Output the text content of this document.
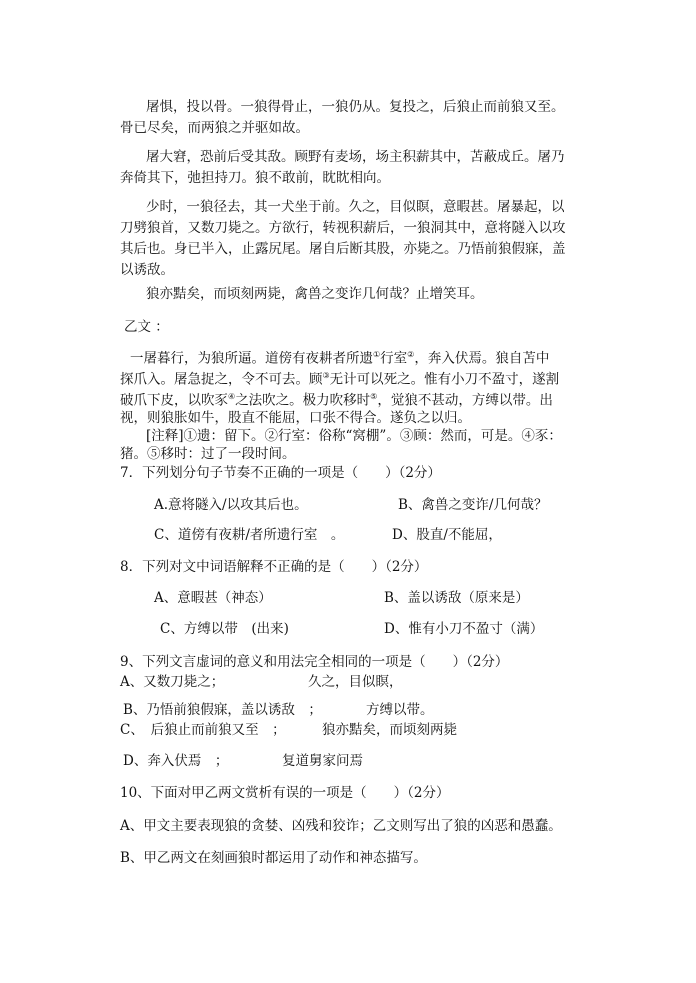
屠惧，投以骨。一狼得骨止，一狼仍从。复投之，后狼止而前狼又至。
骨已尽矣，而两狼之并驱如故。
屠大窘，恐前后受其敌。顾野有麦场，场主积薪其中，苫蔽成丘。屠乃
奔倚其下，弛担持刀。狼不敢前，眈眈相向。
少时，一狼径去，其一犬坐于前。久之，目似瞑，意暇甚。屠暴起，以
刀劈狼首，又数刀毙之。方欲行，转视积薪后，一狼洞其中，意将隧入以攻
其后也。身已半入，止露尻尾。屠自后断其股，亦毙之。乃悟前狼假寐，盖
以诱敌。
狼亦黠矣，而顷刻两毙，禽兽之变诈几何哉？止增笑耳。
乙文 ：
一屠暮行，为狼所逼。道傍有夜耕者所遗①行室②，奔入伏焉。狼自苫中
探爪入。屠急捉之，令不可去。顾③无计可以死之。惟有小刀不盈寸，遂割
破爪下皮，以吹豕④之法吹之。极力吹移时⑤，觉狼不甚动，方缚以带。出
视，则狼胀如牛，股直不能屈，口张不得合。遂负之以归。
[注释]①遗：留下。②行室：俗称“窝棚”。③顾：然而，可是。④豕：
猪。⑤移时：过了一段时间。
7．下列划分句子节奏不正确的一项是（　　）（2分）
A.意将隧入/以攻其后也。	B、禽兽之变诈/几何哉？
C、道傍有夜耕/者所遗行室　。	D、股直/不能屈，
8．下列对文中词语解释不正确的是（　　）（2分）
A、意暇甚（神态）	B、盖以诱敌（原来是）
C、方缚以带　(出来)	D、惟有小刀不盈寸（满）
9、下列文言虚词的意义和用法完全相同的一项是（　　）（2分）
A、又数刀毙之；	久之，目似瞑，
B、乃悟前狼假寐，盖以诱敌　；	方缚以带。
C、　后狼止而前狼又至　；	狼亦黠矣，而顷刻两毙
D、奔入伏焉　；	复道舅家问焉
10、下面对甲乙两文赏析有误的一项是（　　）（2分）
A、甲文主要表现狼的贪婪、凶残和狡诈；乙文则写出了狼的凶恶和愚蠢。
B、甲乙两文在刻画狼时都运用了动作和神态描写。
